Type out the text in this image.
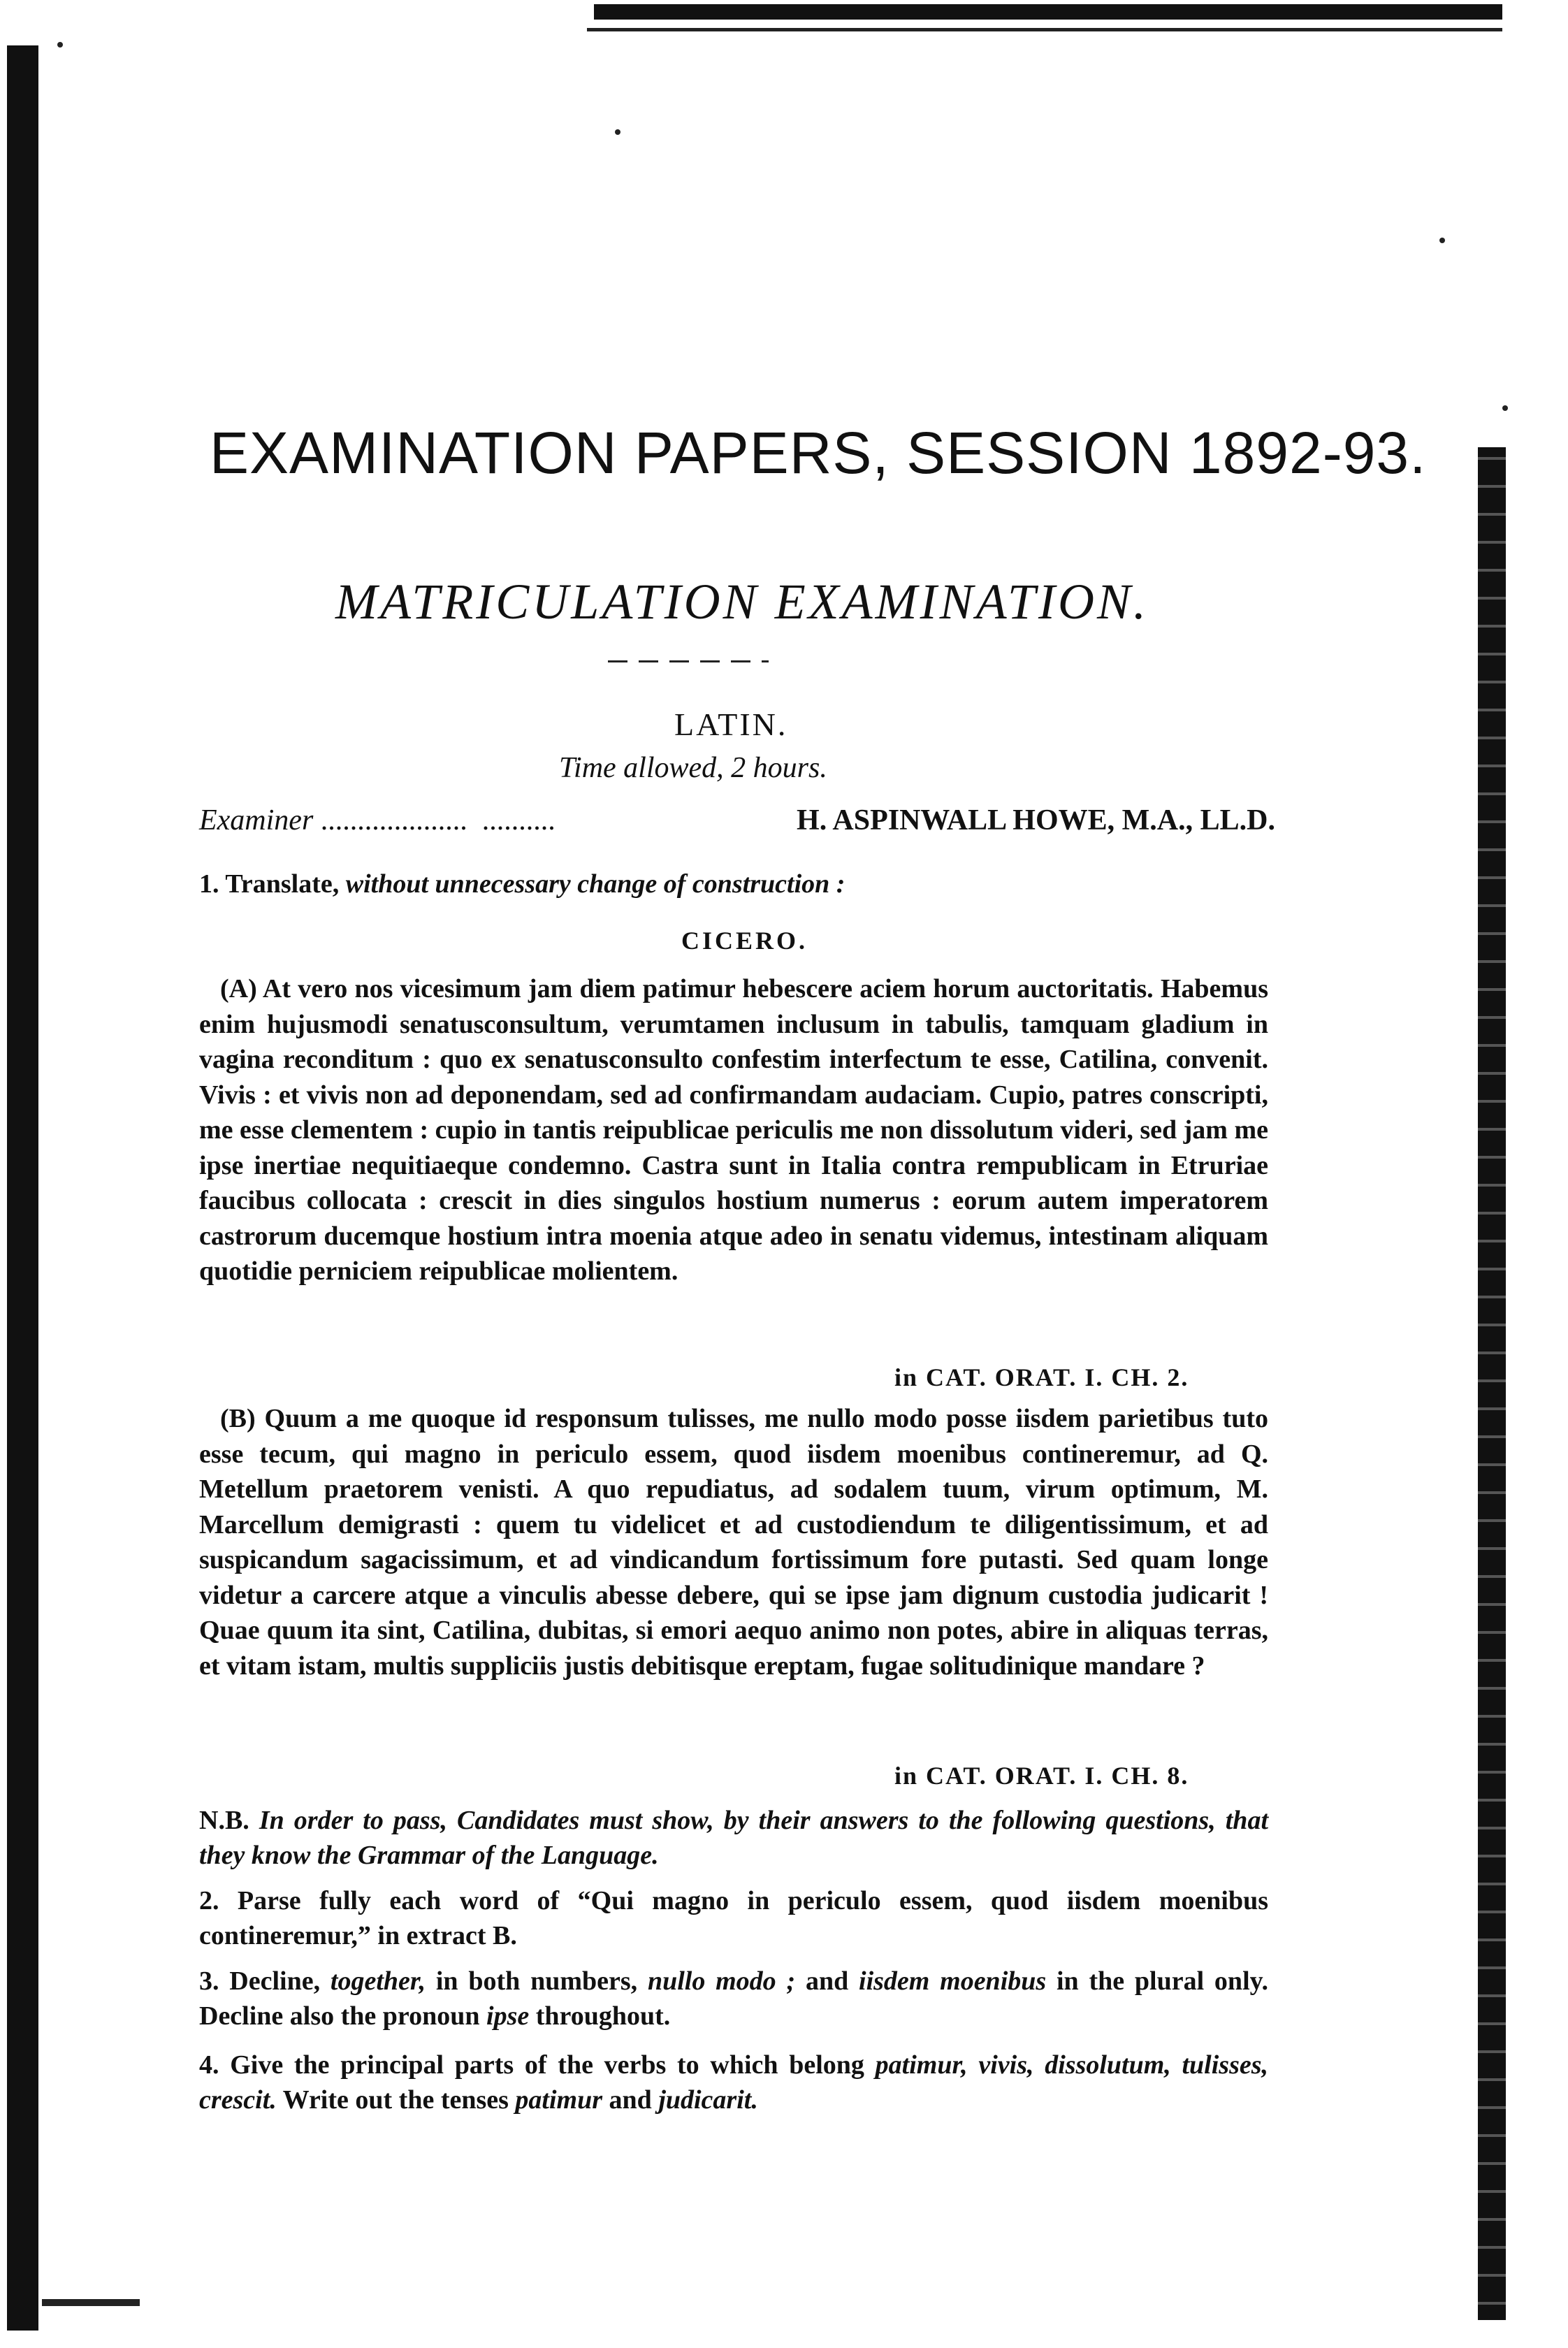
EXAMINATION PAPERS, SESSION 1892-93.
MATRICULATION EXAMINATION.
LATIN.
Time allowed, 2 hours.
Examiner ....................  ..........	H. ASPINWALL HOWE, M.A., LL.D.
1. Translate, without unnecessary change of construction :
CICERO.
(A) At vero nos vicesimum jam diem patimur hebescere aciem horum auctoritatis. Habemus enim hujusmodi senatusconsultum, verumtamen inclusum in tabulis, tamquam gladium in vagina reconditum : quo ex senatusconsulto confestim interfectum te esse, Catilina, convenit. Vivis : et vivis non ad deponendam, sed ad confirmandam audaciam. Cupio, patres conscripti, me esse clementem : cupio in tantis reipublicae periculis me non dissolutum videri, sed jam me ipse inertiae nequitiaeque condemno. Castra sunt in Italia contra rempublicam in Etruriae faucibus collocata : crescit in dies singulos hostium numerus : eorum autem imperatorem castrorum ducemque hostium intra moenia atque adeo in senatu videmus, intestinam aliquam quotidie perniciem reipublicae molientem.
in CAT. ORAT. I. CH. 2.
(B) Quum a me quoque id responsum tulisses, me nullo modo posse iisdem parietibus tuto esse tecum, qui magno in periculo essem, quod iisdem moenibus contineremur, ad Q. Metellum praetorem venisti. A quo repudiatus, ad sodalem tuum, virum optimum, M. Marcellum demigrasti : quem tu videlicet et ad custodiendum te diligentissimum, et ad suspicandum sagacissimum, et ad vindicandum fortissimum fore putasti. Sed quam longe videtur a carcere atque a vinculis abesse debere, qui se ipse jam dignum custodia judicarit ! Quae quum ita sint, Catilina, dubitas, si emori aequo animo non potes, abire in aliquas terras, et vitam istam, multis suppliciis justis debitisque ereptam, fugae solitudinique mandare ?
in CAT. ORAT. I. CH. 8.
N.B. In order to pass, Candidates must show, by their answers to the following questions, that they know the Grammar of the Language.
2. Parse fully each word of “Qui magno in periculo essem, quod iisdem moenibus contineremur,” in extract B.
3. Decline, together, in both numbers, nullo modo ; and iisdem moenibus in the plural only. Decline also the pronoun ipse throughout.
4. Give the principal parts of the verbs to which belong patimur, vivis, dissolutum, tulisses, crescit. Write out the tenses patimur and judicarit.
